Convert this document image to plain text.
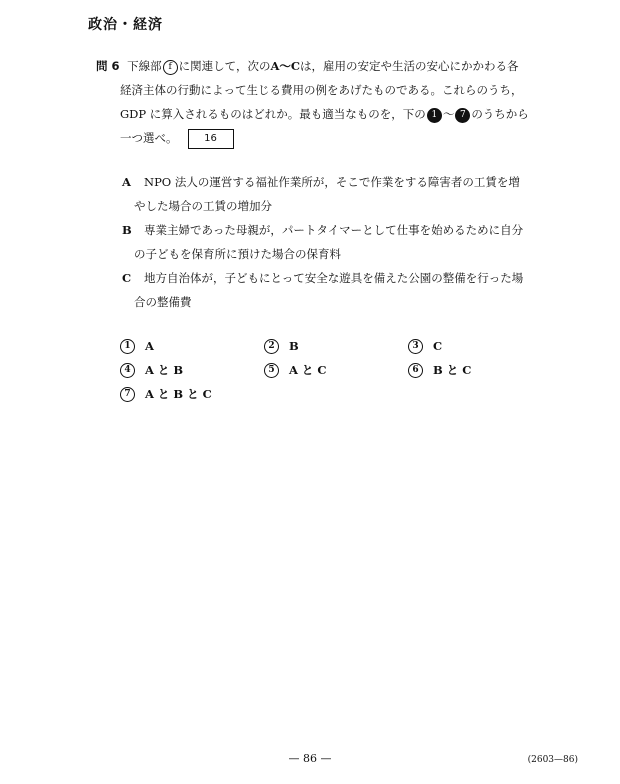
政治・経済
問 6 下線部 f に関連して，次のA～Cは，雇用の安定や生活の安心にかかわる各
経済主体の行動によって生じる費用の例をあげたものである。これらのうち，
GDP に算入されるものはどれか。最も適当なものを，下の 1 ～ 7 のうちから
一つ選べ。	16
A NPO 法人の運営する福祉作業所が，そこで作業をする障害者の工賃を増
やした場合の工賃の増加分
B 専業主婦であった母親が，パートタイマーとして仕事を始めるために自分
の子どもを保育所に預けた場合の保育料
C 地方自治体が，子どもにとって安全な遊具を備えた公園の整備を行った場
合の整備費
1 A	2 B	3 C
4 A と B	5 A と C	6 B と C
7 A と B と C
— 86 —	(2603—86)
